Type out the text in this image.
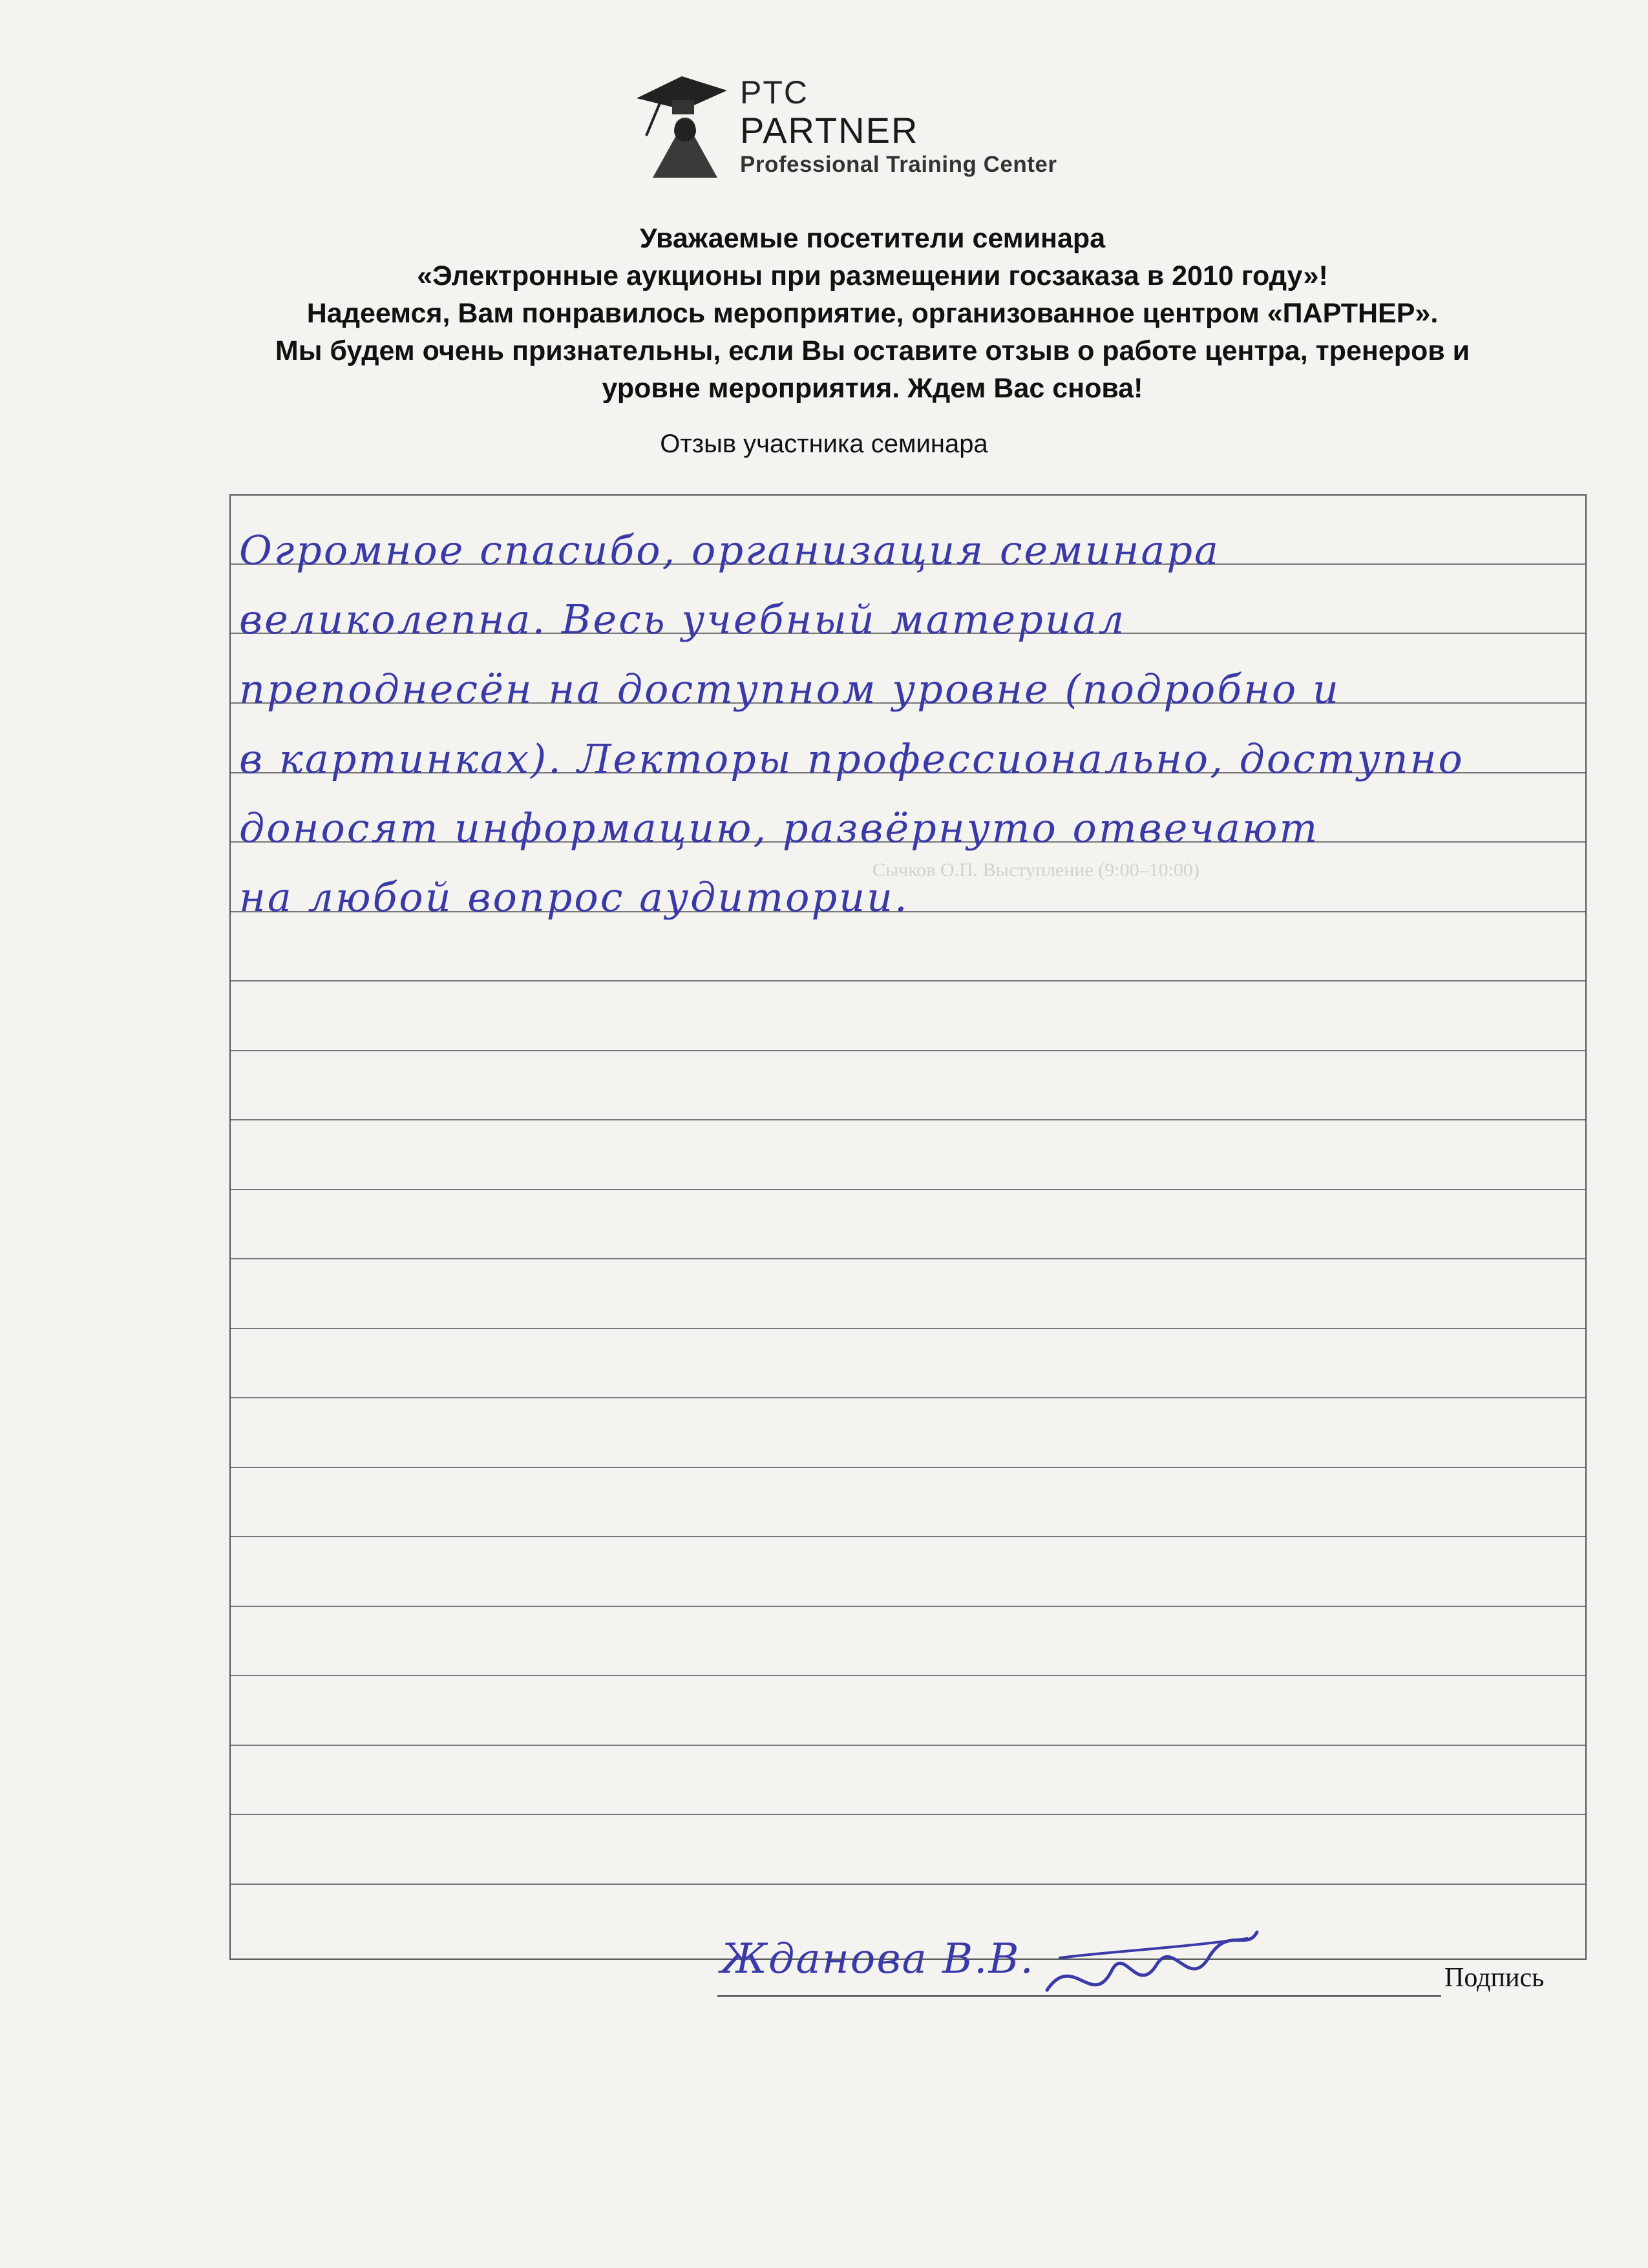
Сычков О.П. Выступление (9:00–10:00)
PTC
PARTNER
Professional Training Center
Уважаемые посетители семинара
«Электронные аукционы при размещении госзаказа в 2010 году»!
Надеемся, Вам понравилось мероприятие, организованное центром «ПАРТНЕР».
Мы будем очень признательны, если Вы оставите отзыв о работе центра, тренеров и
уровне мероприятия. Ждем Вас снова!
Отзыв участника семинара
Огромное спасибо, организация семинара
великолепна. Весь учебный материал
преподнесён на доступном уровне (подробно и
в картинках). Лекторы профессионально, доступно
доносят информацию, развёрнуто отвечают
на любой вопрос аудитории.
Жданова В.В.	Подпись
